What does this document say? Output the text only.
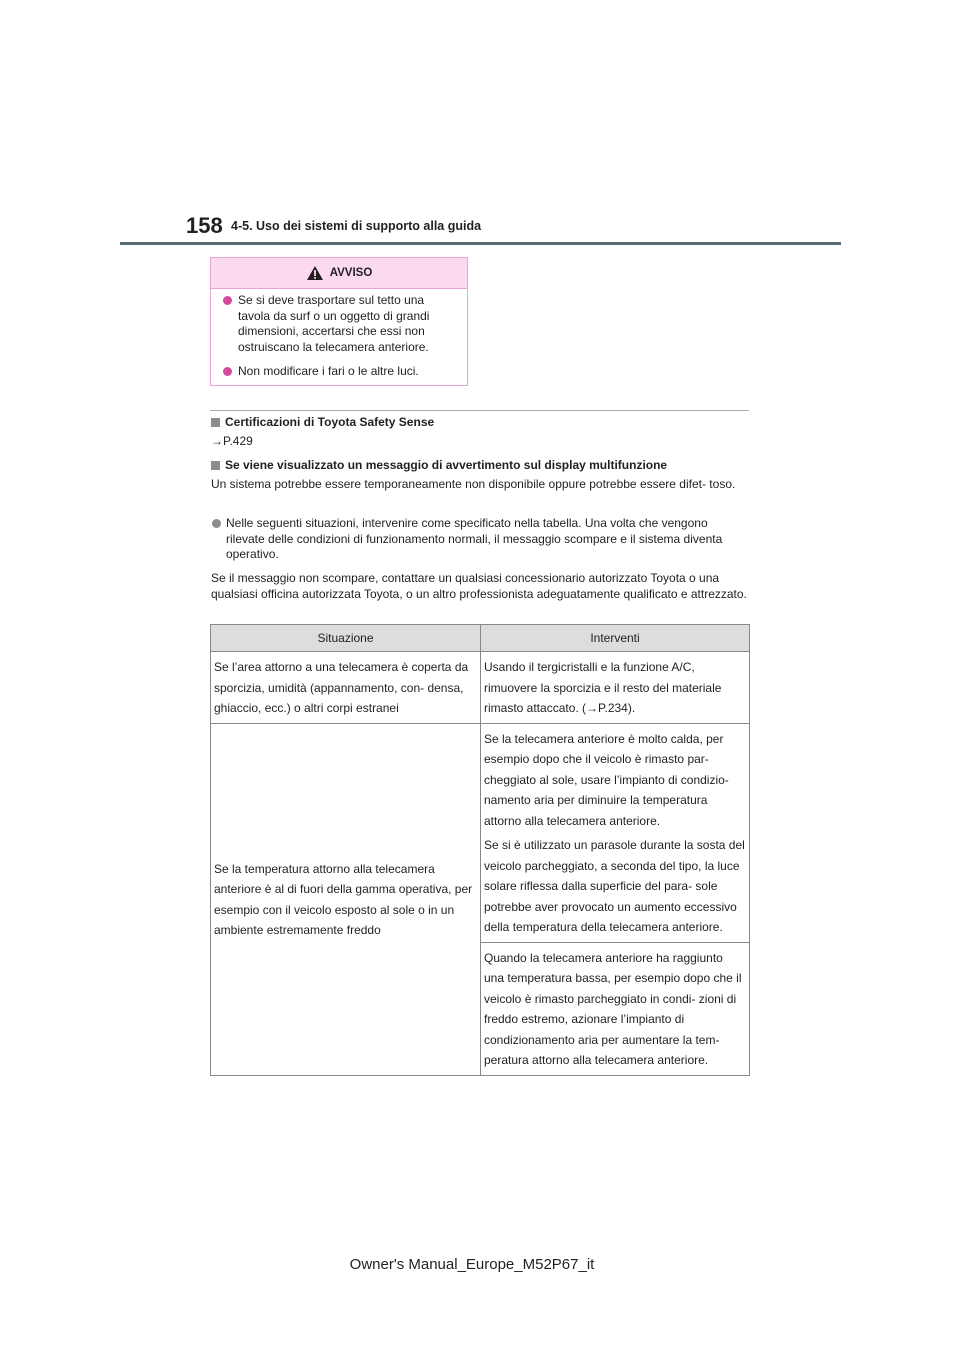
158 4-5. Uso dei sistemi di supporto alla guida
AVVISO
Se si deve trasportare sul tetto una tavola da surf o un oggetto di grandi dimensioni, accertarsi che essi non ostruiscano la telecamera anteriore.
Non modificare i fari o le altre luci.
Certificazioni di Toyota Safety Sense
→P.429
Se viene visualizzato un messaggio di avvertimento sul display multifunzione
Un sistema potrebbe essere temporaneamente non disponibile oppure potrebbe essere difet- toso.
Nelle seguenti situazioni, intervenire come specificato nella tabella. Una volta che vengono rilevate delle condizioni di funzionamento normali, il messaggio scompare e il sistema diventa operativo.
Se il messaggio non scompare, contattare un qualsiasi concessionario autorizzato Toyota o una qualsiasi officina autorizzata Toyota, o un altro professionista adeguatamente qualificato e attrezzato.
Situazione	Interventi
Se l’area attorno a una telecamera è coperta da sporcizia, umidità (appannamento, con- densa, ghiaccio, ecc.) o altri corpi estranei	Usando il tergicristalli e la funzione A/C, rimuovere la sporcizia e il resto del materiale rimasto attaccato. (→P.234).
Se la temperatura attorno alla telecamera anteriore è al di fuori della gamma operativa, per esempio con il veicolo esposto al sole o in un ambiente estremamente freddo	Se la telecamera anteriore è molto calda, per esempio dopo che il veicolo è rimasto par- cheggiato al sole, usare l’impianto di condizio- namento aria per diminuire la temperatura attorno alla telecamera anteriore.
Se si è utilizzato un parasole durante la sosta del veicolo parcheggiato, a seconda del tipo, la luce solare riflessa dalla superficie del para- sole potrebbe aver provocato un aumento eccessivo della temperatura della telecamera anteriore.

	Quando la telecamera anteriore ha raggiunto una temperatura bassa, per esempio dopo che il veicolo è rimasto parcheggiato in condi- zioni di freddo estremo, azionare l’impianto di condizionamento aria per aumentare la tem- peratura attorno alla telecamera anteriore.
Owner's Manual_Europe_M52P67_it
